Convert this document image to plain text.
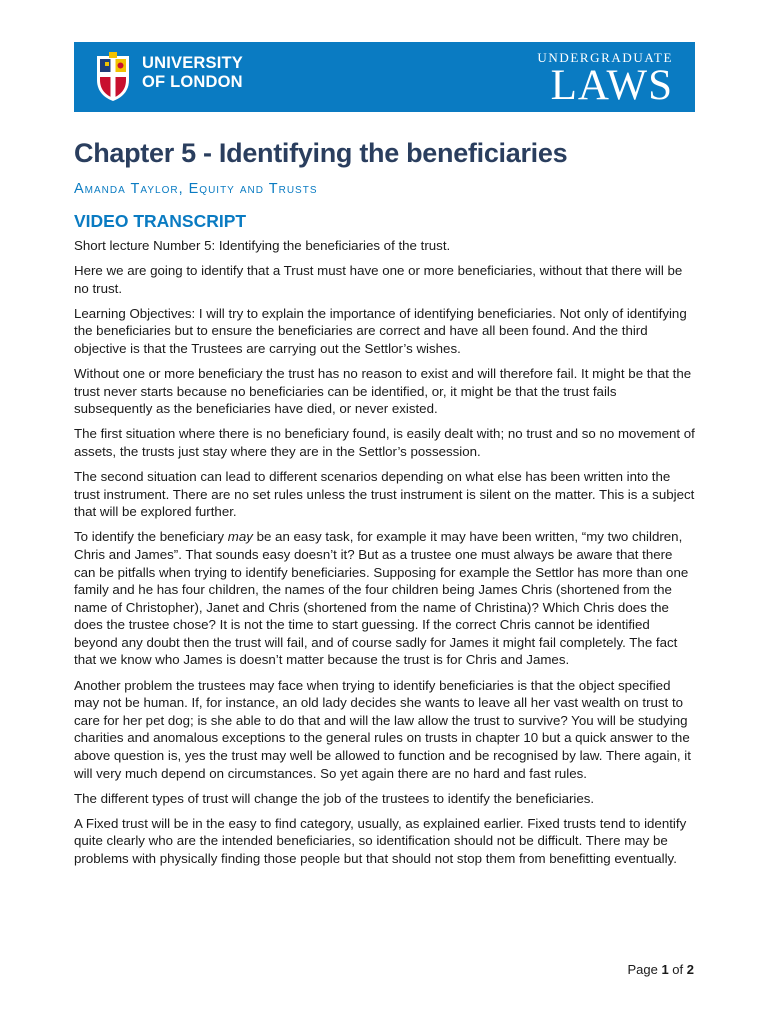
UNIVERSITY
OF LONDON
UNDERGRADUATE
LAWS
Chapter 5 - Identifying the beneficiaries
Amanda Taylor, Equity and Trusts
VIDEO TRANSCRIPT

Short lecture Number 5: Identifying the beneficiaries of the trust.

Here we are going to identify that a Trust must have one or more beneficiaries, without that there will be no trust.

Learning Objectives: I will try to explain the importance of identifying beneficiaries. Not only of identifying the beneficiaries but to ensure the beneficiaries are correct and have all been found. And the third objective is that the Trustees are carrying out the Settlor’s wishes.

Without one or more beneficiary the trust has no reason to exist and will therefore fail. It might be that the trust never starts because no beneficiaries can be identified, or, it might be that the trust fails subsequently as the beneficiaries have died, or never existed.

The first situation where there is no beneficiary found, is easily dealt with; no trust and so no movement of assets, the trusts just stay where they are in the Settlor’s possession.

The second situation can lead to different scenarios depending on what else has been written into the trust instrument. There are no set rules unless the trust instrument is silent on the matter. This is a subject that will be explored further.

To identify the beneficiary may be an easy task, for example it may have been written, “my two children, Chris and James”. That sounds easy doesn’t it? But as a trustee one must always be aware that there can be pitfalls when trying to identify beneficiaries. Supposing for example the Settlor has more than one family and he has four children, the names of the four children being James Chris (shortened from the name of Christopher), Janet and Chris (shortened from the name of Christina)? Which Chris does the does the trustee chose? It is not the time to start guessing. If the correct Chris cannot be identified beyond any doubt then the trust will fail, and of course sadly for James it might fail completely. The fact that we know who James is doesn’t matter because the trust is for Chris and James.

Another problem the trustees may face when trying to identify beneficiaries is that the object specified may not be human. If, for instance, an old lady decides she wants to leave all her vast wealth on trust to care for her pet dog; is she able to do that and will the law allow the trust to survive? You will be studying charities and anomalous exceptions to the general rules on trusts in chapter 10 but a quick answer to the above question is, yes the trust may well be allowed to function and be recognised by law. There again, it will very much depend on circumstances. So yet again there are no hard and fast rules.

The different types of trust will change the job of the trustees to identify the beneficiaries.

A Fixed trust will be in the easy to find category, usually, as explained earlier. Fixed trusts tend to identify quite clearly who are the intended beneficiaries, so identification should not be difficult. There may be problems with physically finding those people but that should not stop them from benefitting eventually.

Page 1 of 2
